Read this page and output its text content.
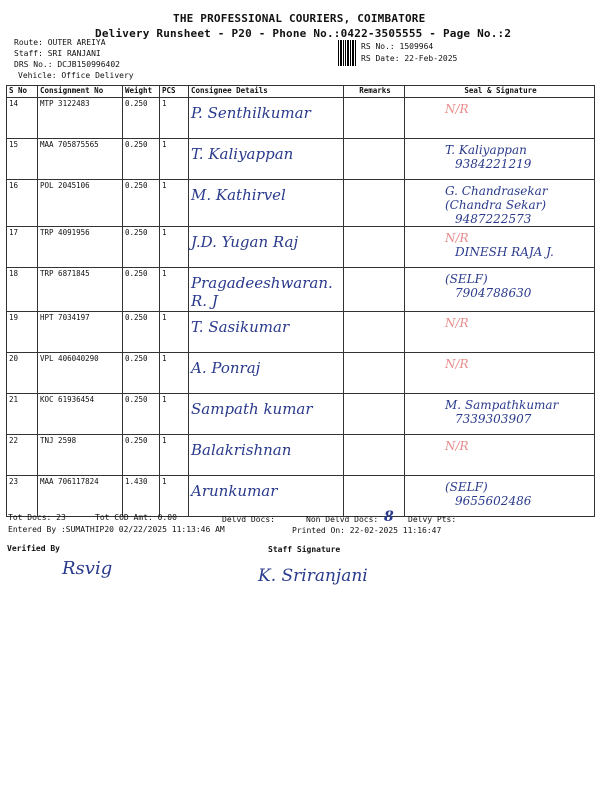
THE PROFESSIONAL COURIERS, COIMBATORE
Delivery Runsheet - P20 - Phone No.:0422-3505555 - Page No.:2
Route: OUTER AREIYA
Staff: SRI RANJANI
DRS No.: DCJB150996402
Vehicle: Office Delivery
RS No.: 1509964
RS Date: 22-Feb-2025
S No	Consignment No	Weight	PCS	Consignee Details	Remarks	Seal & Signature

14	MTP 3122483	0.250	1	P. Senthilkumar		N/R

15	MAA 705875565	0.250	1	T. Kaliyappan		T. Kaliyappan
9384221219

16	POL 2045106	0.250	1	M. Kathirvel		G. Chandrasekar (Chandra Sekar)
9487222573

17	TRP 4091956	0.250	1	J.D. Yugan Raj		N/R
DINESH RAJA J.

18	TRP 6871845	0.250	1	Pragadeeshwaran. R. J		(SELF)
7904788630

19	HPT 7034197	0.250	1	T. Sasikumar		N/R

20	VPL 406040290	0.250	1	A. Ponraj		N/R

21	KOC 61936454	0.250	1	Sampath kumar		M. Sampathkumar
7339303907

22	TNJ 2598	0.250	1	Balakrishnan		N/R

23	MAA 706117824	1.430	1	Arunkumar		(SELF)
9655602486
Tot Docs: 23	Tot COD Amt: 0.00	Delvd Docs:	Non Delvd Docs: 8 Delvy Pts:
Entered By :SUMATHIP20 02/22/2025 11:13:46 AM	Printed On: 22-02-2025 11:16:47
Verified By	Staff Signature
Rsvig	K. Sriranjani
